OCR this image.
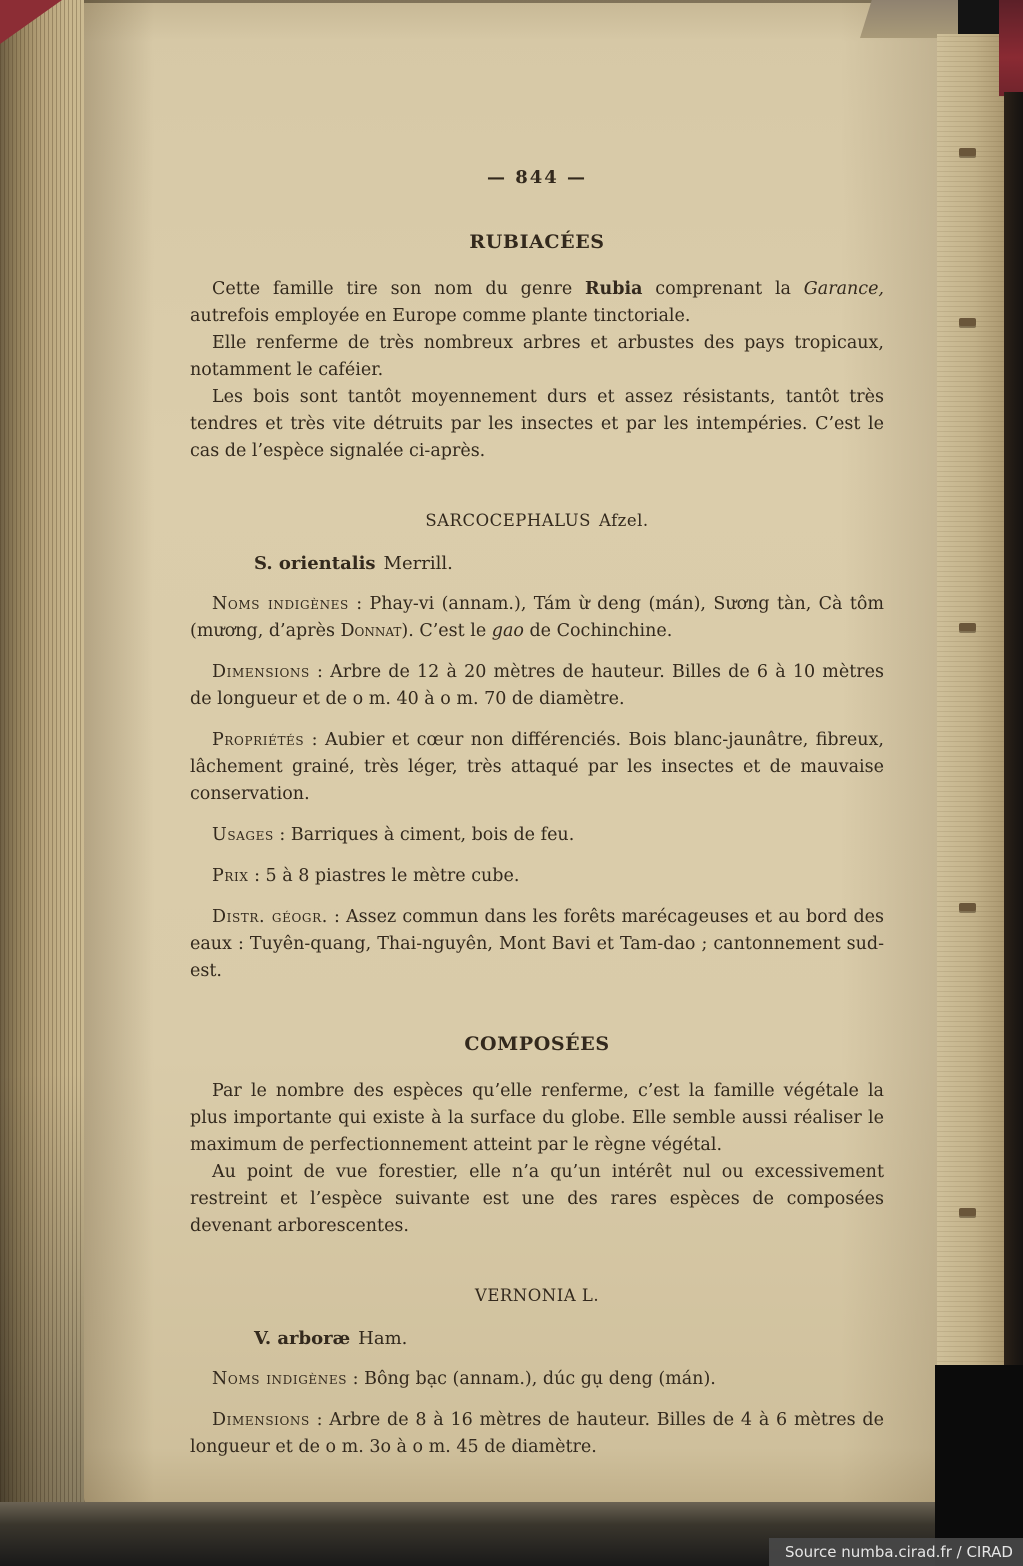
— 844 —
RUBIACÉES

Cette famille tire son nom du genre Rubia comprenant la Garance, autrefois employée en Europe comme plante tinctoriale.

Elle renferme de très nombreux arbres et arbustes des pays tropicaux, notamment le caféier.

Les bois sont tantôt moyennement durs et assez résistants, tantôt très tendres et très vite détruits par les insectes et par les intempéries. C’est le cas de l’espèce signalée ci-après.

SARCOCEPHALUS Afzel.
S. orientalis Merrill.

Noms indigènes : Phay-vi (annam.), Tám ừ deng (mán), Sương tàn, Cà tôm (mương, d’après Donnat). C’est le gao de Cochinchine.

Dimensions : Arbre de 12 à 20 mètres de hauteur. Billes de 6 à 10 mètres de longueur et de o m. 40 à o m. 70 de diamètre.

Propriétés : Aubier et cœur non différenciés. Bois blanc-jaunâtre, fibreux, lâchement grainé, très léger, très attaqué par les insectes et de mauvaise conservation.

Usages : Barriques à ciment, bois de feu.

Prix : 5 à 8 piastres le mètre cube.

Distr. géogr. : Assez commun dans les forêts marécageuses et au bord des eaux : Tuyên-quang, Thai-nguyên, Mont Bavi et Tam-dao ; cantonnement sud-est.

COMPOSÉES

Par le nombre des espèces qu’elle renferme, c’est la famille végétale la plus importante qui existe à la surface du globe. Elle semble aussi réaliser le maximum de perfectionnement atteint par le règne végétal.

Au point de vue forestier, elle n’a qu’un intérêt nul ou excessivement restreint et l’espèce suivante est une des rares espèces de composées devenant arborescentes.

VERNONIA L.
V. arboræ Ham.

Noms indigènes : Bông bạc (annam.), dúc gụ deng (mán).

Dimensions : Arbre de 8 à 16 mètres de hauteur. Billes de 4 à 6 mètres de longueur et de o m. 3o à o m. 45 de diamètre.

Source numba.cirad.fr / CIRAD
